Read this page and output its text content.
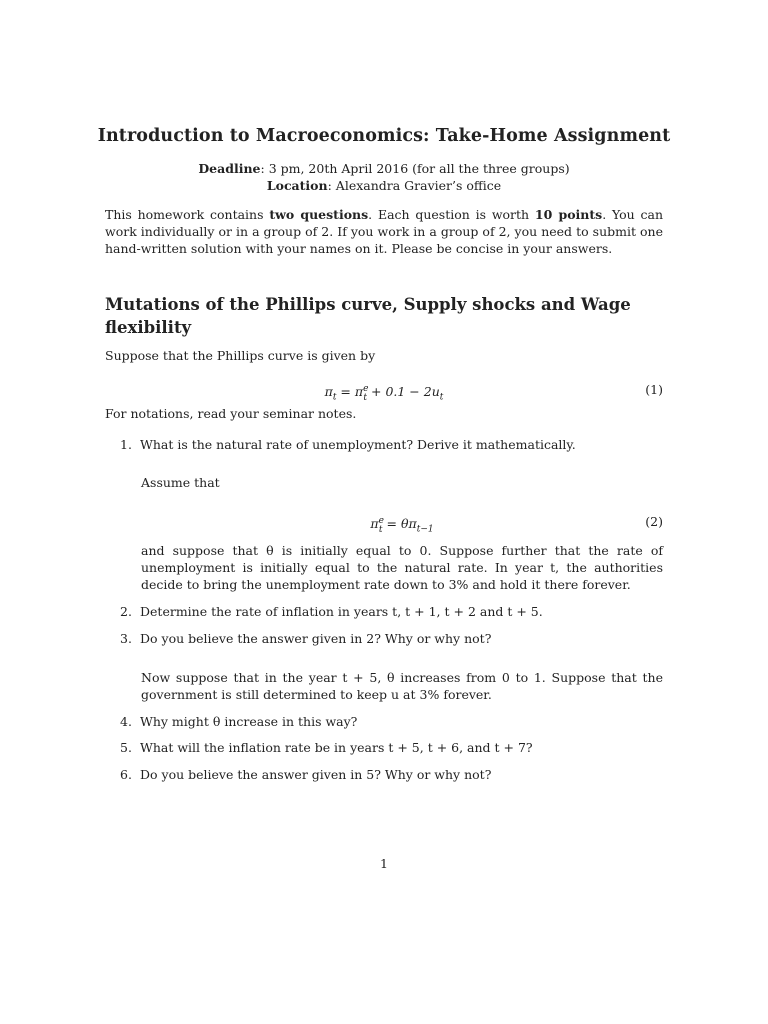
Introduction to Macroeconomics: Take-Home Assignment
Deadline: 3 pm, 20th April 2016 (for all the three groups)
Location: Alexandra Gravier’s office
This homework contains two questions. Each question is worth 10 points. You can work individually or in a group of 2. If you work in a group of 2, you need to submit one hand-written solution with your names on it. Please be concise in your answers.
Mutations of the Phillips curve, Supply shocks and Wage flexibility
Suppose that the Phillips curve is given by
$\pi_t = \pi^e_t + 0.1 - 2u_t$
(1)
For notations, read your seminar notes.
1. What is the natural rate of unemployment? Derive it mathematically.
Assume that
$\pi^e_t = \theta\pi_{t-1}$
(2)
and suppose that θ is initially equal to 0. Suppose further that the rate of unemployment is initially equal to the natural rate. In year t, the authorities decide to bring the unemployment rate down to 3% and hold it there forever.
2. Determine the rate of inflation in years t, t + 1, t + 2 and t + 5.
3. Do you believe the answer given in 2? Why or why not?
Now suppose that in the year t + 5, θ increases from 0 to 1. Suppose that the government is still determined to keep u at 3% forever.
4. Why might θ increase in this way?
5. What will the inflation rate be in years t + 5, t + 6, and t + 7?
6. Do you believe the answer given in 5? Why or why not?
1
